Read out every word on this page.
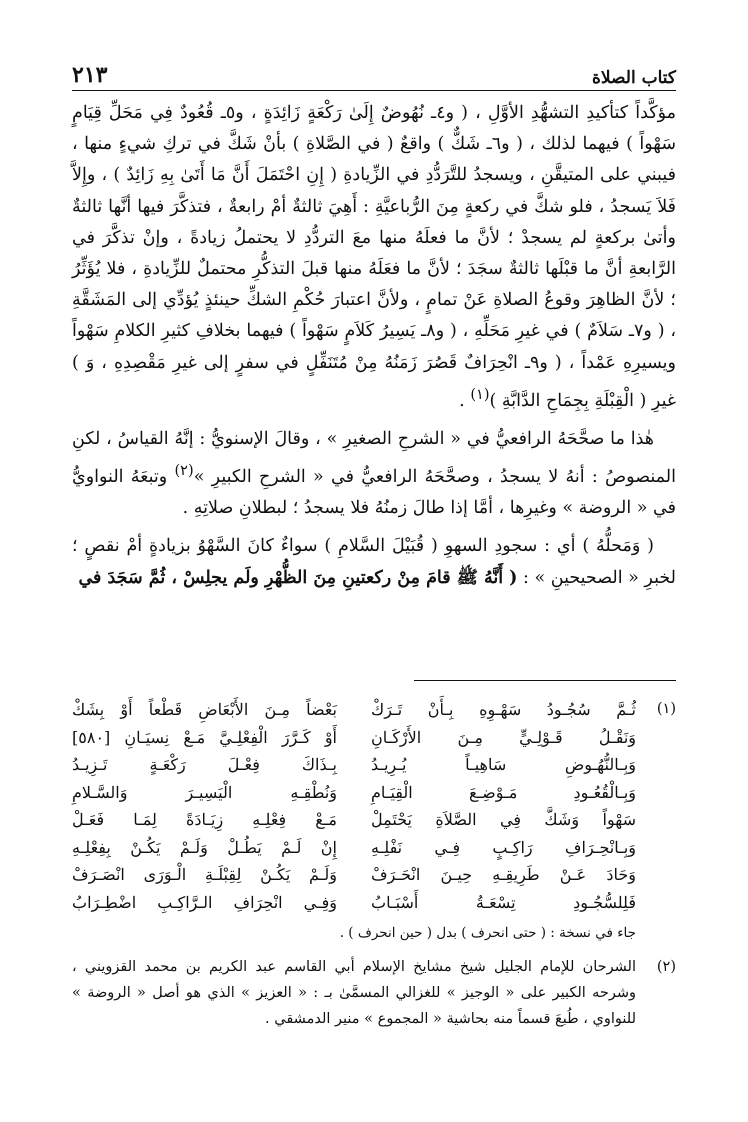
كتاب الصلاة
٢١٣

مؤكَّداً كتأكيدِ التشهُّدِ الأوَّلِ ، ( و٤ـ نُهُوضٌ إِلَىٰ رَكْعَةٍ زَائِدَةٍ ، و٥ـ قُعُودٌ فِي مَحَلِّ قِيَامٍ سَهْواً ) فيهما لذلك ، ( و٦ـ شَكٌّ ) واقعٌ ( في الصَّلاةِ ) بأنْ شَكَّ في تركِ شيءٍ منها ، فيبني على المتيقَّنِ ، ويسجدُ للتَّرَدُّدِ في الزِّيادةِ ( إِنِ احْتَمَلَ أَنَّ مَا أَتَىٰ بِهِ زَائِدٌ ) ، وإِلاَّ فَلاَ يَسجدُ ، فلو شكَّ في ركعةٍ مِنَ الرُّباعيَّةِ : أَهِيَ ثالثةٌ أمْ رابعةٌ ، فتذكَّرَ فيها أنَّها ثالثةٌ وأتىٰ بركعةٍ لم يسجدْ ؛ لأنَّ ما فعلَهُ منها معَ التردُّدِ لا يحتملُ زيادةً ، وإنْ تذكَّرَ في الرَّابعةِ أنَّ ما قبْلَها ثالثةٌ سجَدَ ؛ لأنَّ ما فعَلَهُ منها قبلَ التذكُّرِ محتملٌ للزِّيادةِ ، فلا يُؤَثِّرُ ؛ لأنَّ الظاهِرَ وقوعُ الصلاةِ عَنْ تمامٍ ، ولأنَّ اعتبارَ حُكْمِ الشكِّ حينئذٍ يُؤدِّي إلى المَشَقَّةِ ، ( و٧ـ سَلاَمٌ ) في غيرِ مَحَلِّهِ ، ( و٨ـ يَسِيرُ كَلاَمٍ سَهْواً ) فيهما بخلافِ كثيرِ الكلامِ سَهْواً ويسيرِهِ عَمْداً ، ( و٩ـ انْحِرَافٌ قَصُرَ زَمَنُهُ مِنْ مُتَنَفِّلٍ في سفرٍ إلى غيرِ مَقْصِدِهِ ، وَ ) غيرِ ( الْقِبْلَةِ بِجِمَاحِ الدَّابَّةِ )$^{(١)}$ .

هٰذا ما صحَّحَهُ الرافعيُّ في « الشرحِ الصغيرِ » ، وقالَ الإسنويُّ : إنَّهُ القياسُ ، لكنِ المنصوصُ : أنهُ لا يسجدُ ، وصحَّحَهُ الرافعيُّ في « الشرحِ الكبيرِ »$^{(٢)}$ وتبعَهُ النواويُّ في « الروضة » وغيرِها ، أمَّا إذا طالَ زمنُهُ فلا يسجدُ ؛ لبطلانِ صلاتِهِ .

( وَمَحلُّهُ ) أي : سجودِ السهوِ ( قُبَيْلَ السَّلامِ ) سواءٌ كانَ السَّهْوُ بزيادةٍ أمْ نقصٍ ؛ لخبرِ « الصحيحينِ » : ( أَنَّهُ ﷺ قامَ مِنْ ركعتينِ مِنَ الظُّهْرِ ولَم يجلِسْ ، ثُمَّ سَجَدَ في

(١)
ثُـمَّ سُجُـودُ سَهْـوِهِ بِـأَنْ تَـرَكْ
بَعْضاً مِـنَ الأَبْعَاضِ قَطْعاً أَوْ بِشَكْ
وَنَقْـلُ قَـوْلِـيٍّ مِـنَ الأَرْكَـانِ
أَوْ كَـرَّرَ الْفِعْلِـيَّ مَـعْ نِسيَـانِ [٥٨٠]
وَبِـالنُّهُـوضِ سَاهِيـاً يُـرِيـدُ
بِـذَاكَ فِعْـلَ رَكْعَـةٍ تَـزِيـدُ
وَبِـالْقُعُـودِ مَـوْضِـعَ الْقِيَـامِ
وَنُطْقِـهِ الْيَسِيـرَ وَالسَّـلامِ
سَهْواً وَشَكَّ فِي الصَّلاَةِ يَحْتَمِلْ
مَـعْ فِعْلِـهِ زِيَـادَةً لِمَـا فَعَـلْ
وَبِـانْحِـرَافِ رَاكِـبٍ فِـي نَفْلِـهِ
إِنْ لَـمْ يَطُـلْ وَلَـمْ يَكُـنْ بِفِعْلِـهِ
وَحَادَ عَـنْ طَرِيقِـهِ حِيـنَ انْحَـرَفْ
وَلَـمْ يَكُـنْ لِقِبْلَـةِ الْـوَرَى انْصَـرَفْ
فَلِلسُّجُـودِ تِسْعَـةُ أَسْبَـابُ
وَفِـي انْحِرَافِ الـرَّاكِـبِ اضْطِـرَابُ
جاء في نسخة : ( حتى انحرف ) بدل ( حين انحرف ) .
(٢)
الشرحان للإمام الجليل شيخ مشايخ الإسلام أبي القاسم عبد الكريم بن محمد القزويني ، وشرحه الكبير على « الوجيز » للغزالي المسمَّىٰ بـ : « العزيز » الذي هو أصل « الروضة » للنواوي ، طُبعَ قسماً منه بحاشية « المجموع » منير الدمشقي .
